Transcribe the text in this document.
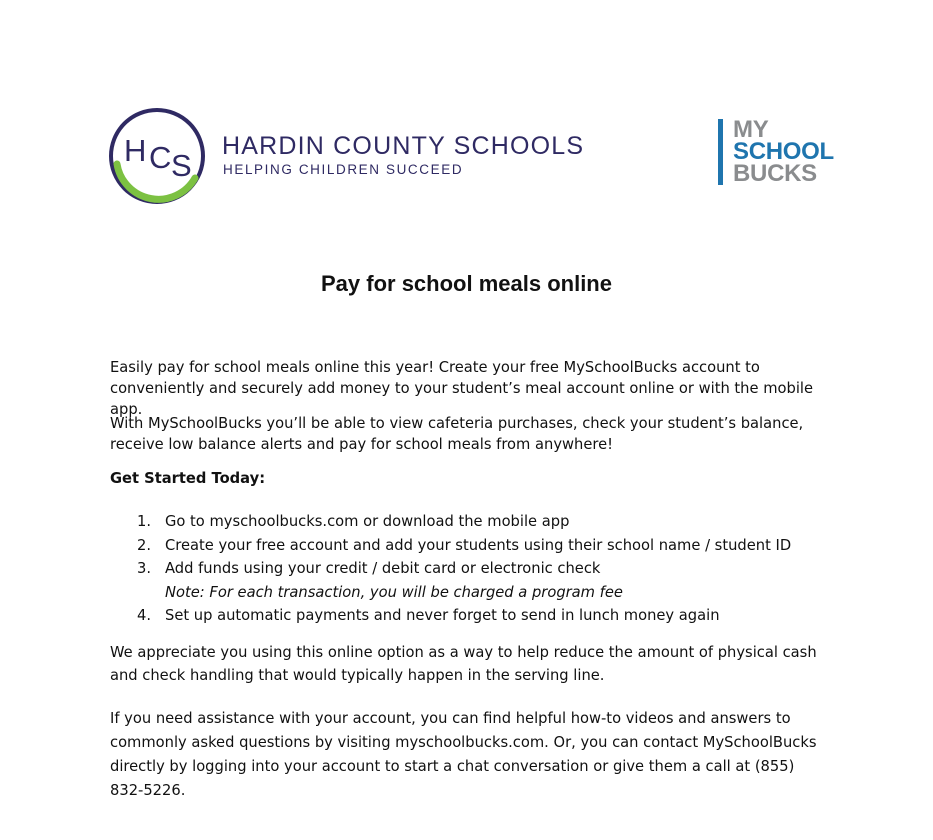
H C S
HARDIN COUNTY SCHOOLS
HELPING CHILDREN SUCCEED
MY
SCHOOL
BUCKS
Pay for school meals online

Easily pay for school meals online this year! Create your free MySchoolBucks account to conveniently and securely add money to your student’s meal account online or with the mobile app.

With MySchoolBucks you’ll be able to view cafeteria purchases, check your student’s balance, receive low balance alerts and pay for school meals from anywhere!

Get Started Today:
1. Go to myschoolbucks.com or download the mobile app
2. Create your free account and add your students using their school name / student ID
3. Add funds using your credit / debit card or electronic check
Note: For each transaction, you will be charged a program fee
4. Set up automatic payments and never forget to send in lunch money again

We appreciate you using this online option as a way to help reduce the amount of physical cash and check handling that would typically happen in the serving line.

If you need assistance with your account, you can find helpful how-to videos and answers to commonly asked questions by visiting myschoolbucks.com. Or, you can contact MySchoolBucks directly by logging into your account to start a chat conversation or give them a call at (855) 832-5226.
